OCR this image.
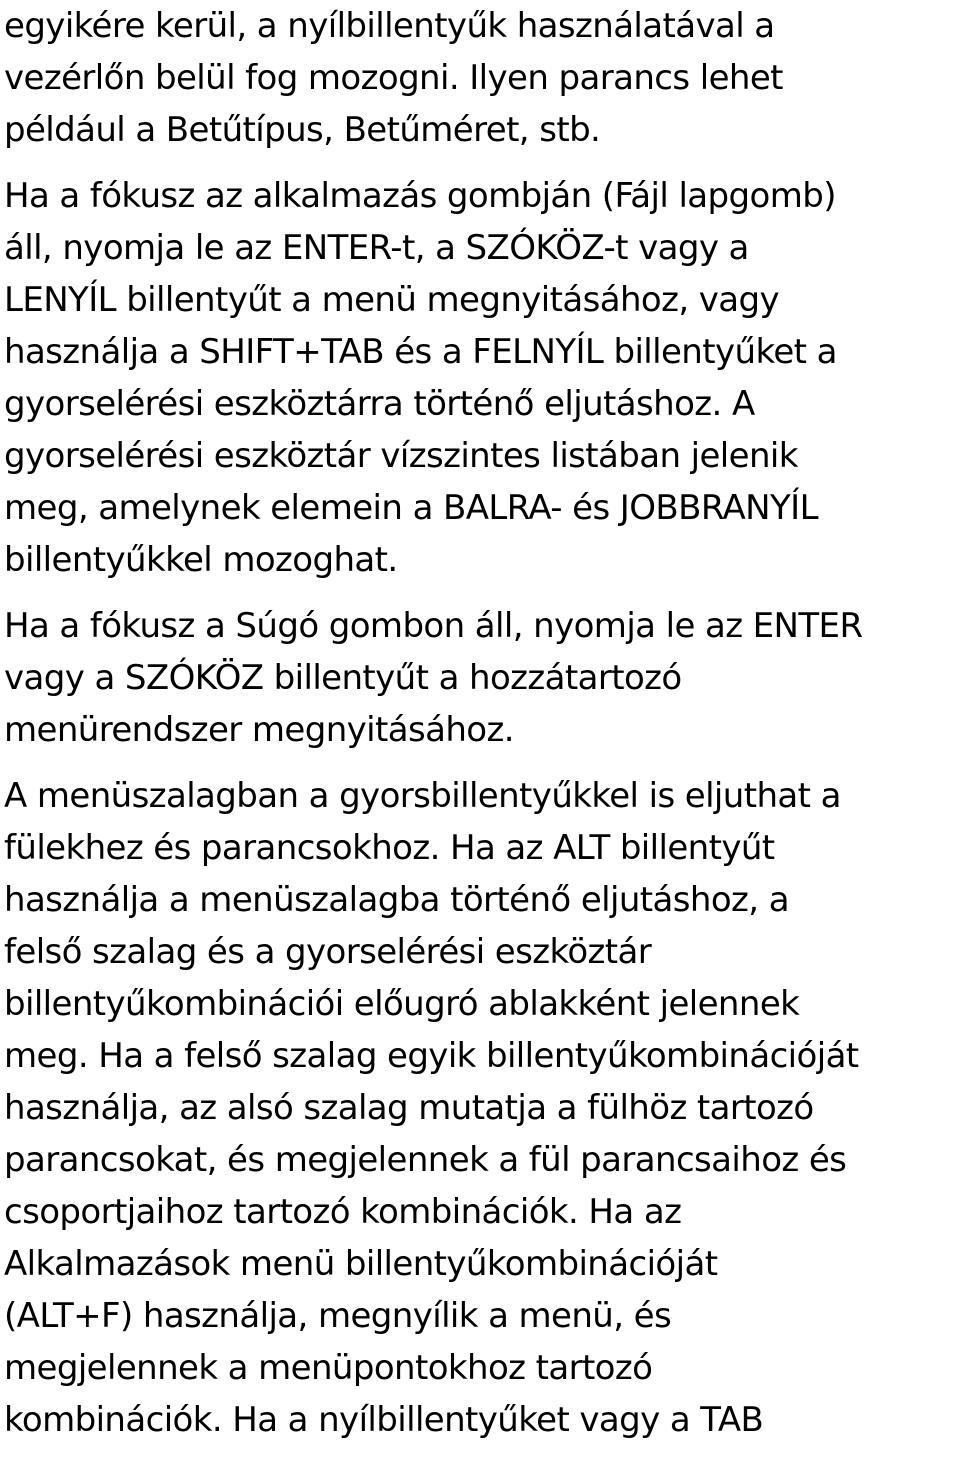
egyikére kerül, a nyílbillentyűk használatával a
vezérlőn belül fog mozogni. Ilyen parancs lehet
például a Betűtípus, Betűméret, stb.

Ha a fókusz az alkalmazás gombján (Fájl lapgomb)
áll, nyomja le az ENTER-t, a SZÓKÖZ-t vagy a
LENYÍL billentyűt a menü megnyitásához, vagy
használja a SHIFT+TAB és a FELNYÍL billentyűket a
gyorselérési eszköztárra történő eljutáshoz. A
gyorselérési eszköztár vízszintes listában jelenik
meg, amelynek elemein a BALRA- és JOBBRANYÍL
billentyűkkel mozoghat.

Ha a fókusz a Súgó gombon áll, nyomja le az ENTER
vagy a SZÓKÖZ billentyűt a hozzátartozó
menürendszer megnyitásához.

A menüszalagban a gyorsbillentyűkkel is eljuthat a
fülekhez és parancsokhoz. Ha az ALT billentyűt
használja a menüszalagba történő eljutáshoz, a
felső szalag és a gyorselérési eszköztár
billentyűkombinációi előugró ablakként jelennek
meg. Ha a felső szalag egyik billentyűkombinációját
használja, az alsó szalag mutatja a fülhöz tartozó
parancsokat, és megjelennek a fül parancsaihoz és
csoportjaihoz tartozó kombinációk. Ha az
Alkalmazások menü billentyűkombinációját
(ALT+F) használja, megnyílik a menü, és
megjelennek a menüpontokhoz tartozó
kombinációk. Ha a nyílbillentyűket vagy a TAB
